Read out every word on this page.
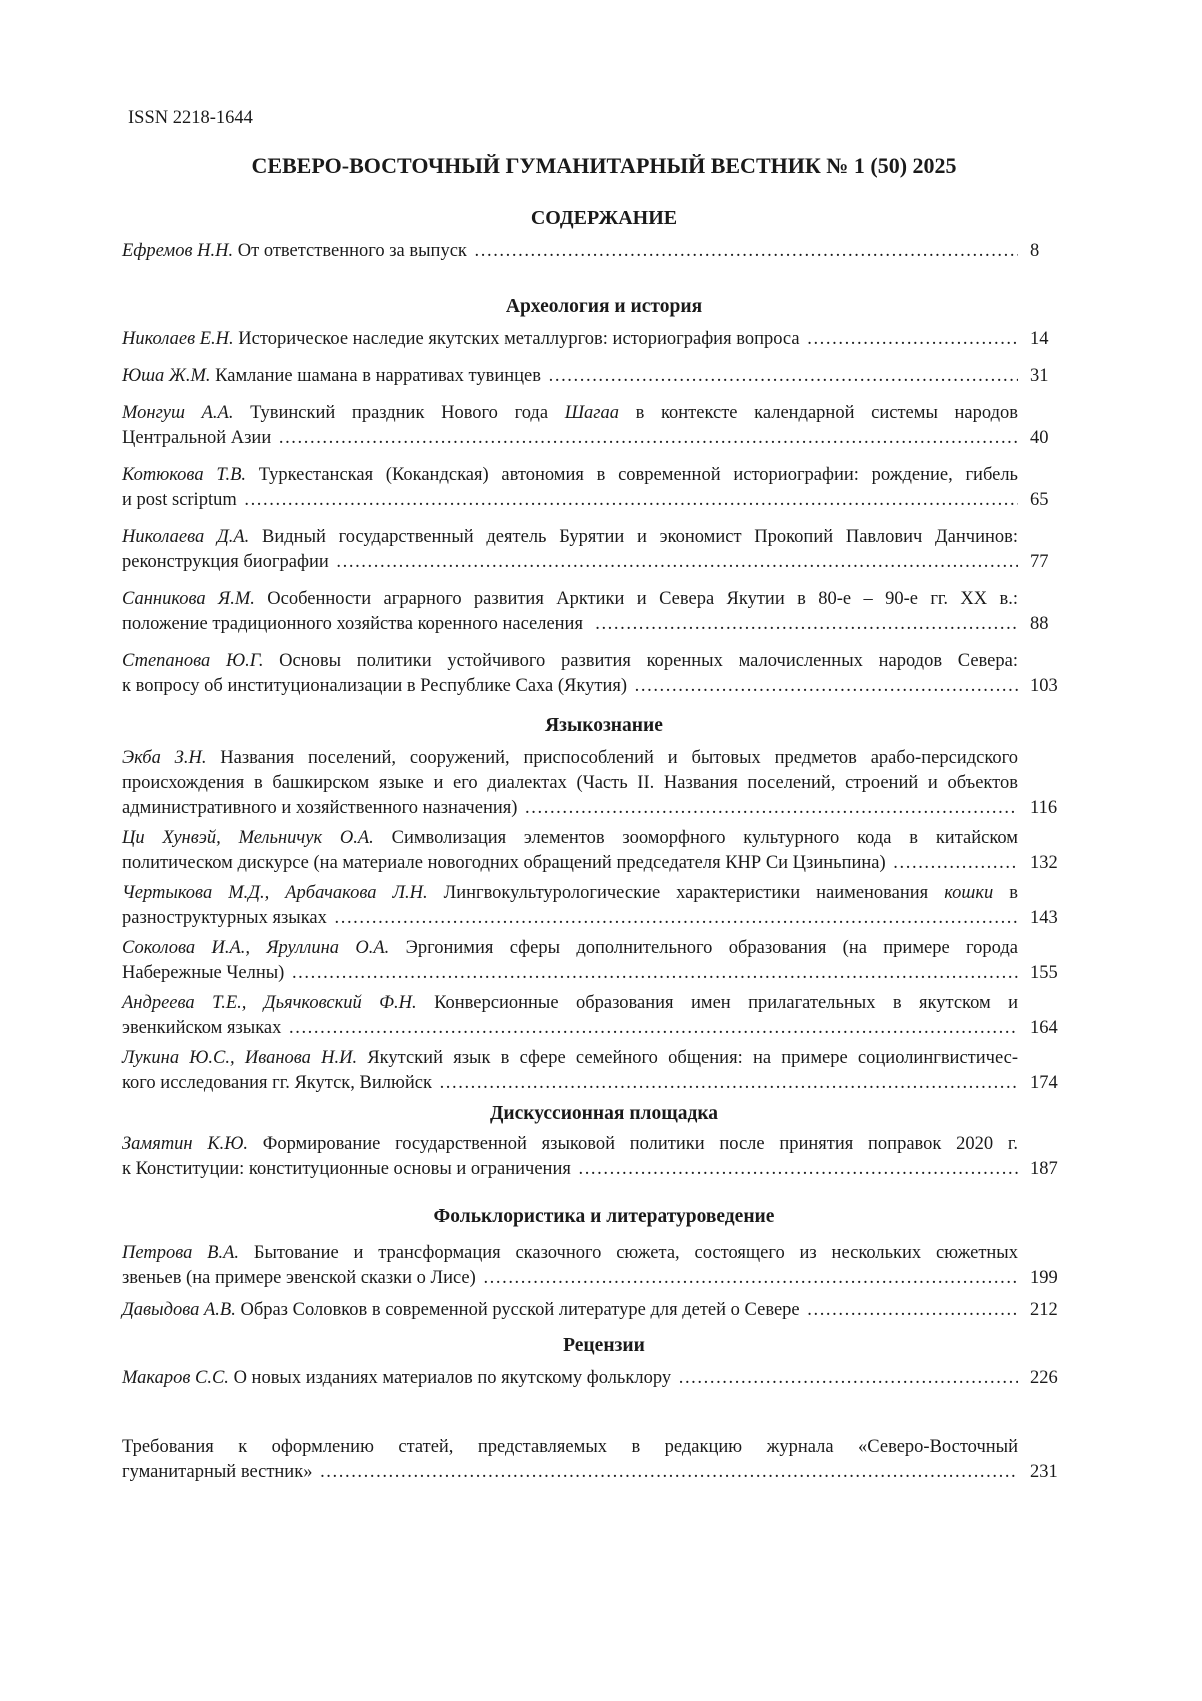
ISSN 2218-1644
СЕВЕРО-ВОСТОЧНЫЙ ГУМАНИТАРНЫЙ ВЕСТНИК № 1 (50) 2025
СОДЕРЖАНИЕ
Ефремов Н.Н. От ответственного за выпуск .....	8
Археология и история
Николаев Е.Н. Историческое наследие якутских металлургов: историография вопроса .....	14
Юша Ж.М. Камлание шамана в нарративах тувинцев .....	31
Монгуш А.А. Тувинский праздник Нового года Шагаа в контексте календарной системы народов
Центральной Азии .....	40
Котюкова Т.В. Туркестанская (Кокандская) автономия в современной историографии: рождение, гибель
и post scriptum .....	65
Николаева Д.А. Видный государственный деятель Бурятии и экономист Прокопий Павлович Данчинов:
реконструкция биографии .....	77
Санникова Я.М. Особенности аграрного развития Арктики и Севера Якутии в 80-е – 90-е гг. XX в.:
положение традиционного хозяйства коренного населения .....	88
Степанова Ю.Г. Основы политики устойчивого развития коренных малочисленных народов Севера:
к вопросу об институционализации в Республике Саха (Якутия) .....	103
Языкознание
Экба З.Н. Названия поселений, сооружений, приспособлений и бытовых предметов арабо-персидского
происхождения в башкирском языке и его диалектах (Часть II. Названия поселений, строений и объектов
административного и хозяйственного назначения) .....	116
Ци Хунвэй, Мельничук О.А. Символизация элементов зооморфного культурного кода в китайском
политическом дискурсе (на материале новогодних обращений председателя КНР Си Цзиньпина) .....	132
Чертыкова М.Д., Арбачакова Л.Н. Лингвокультурологические характеристики наименования кошки в
разноструктурных языках .....	143
Соколова И.А., Яруллина О.А. Эргонимия сферы дополнительного образования (на примере города
Набережные Челны) .....	155
Андреева Т.Е., Дьячковский Ф.Н. Конверсионные образования имен прилагательных в якутском и
эвенкийском языках .....	164
Лукина Ю.С., Иванова Н.И. Якутский язык в сфере семейного общения: на примере социолингвистичес-
кого исследования гг. Якутск, Вилюйск .....	174
Дискуссионная площадка
Замятин К.Ю. Формирование государственной языковой политики после принятия поправок 2020 г.
к Конституции: конституционные основы и ограничения .....	187
Фольклористика и литературоведение
Петрова В.А. Бытование и трансформация сказочного сюжета, состоящего из нескольких сюжетных
звеньев (на примере эвенской сказки о Лисе) .....	199
Давыдова А.В. Образ Соловков в современной русской литературе для детей о Севере .....	212
Рецензии
Макаров С.С. О новых изданиях материалов по якутскому фольклору .....	226
Требования к оформлению статей, представляемых в редакцию журнала «Северо-Восточный
гуманитарный вестник» .....	231
